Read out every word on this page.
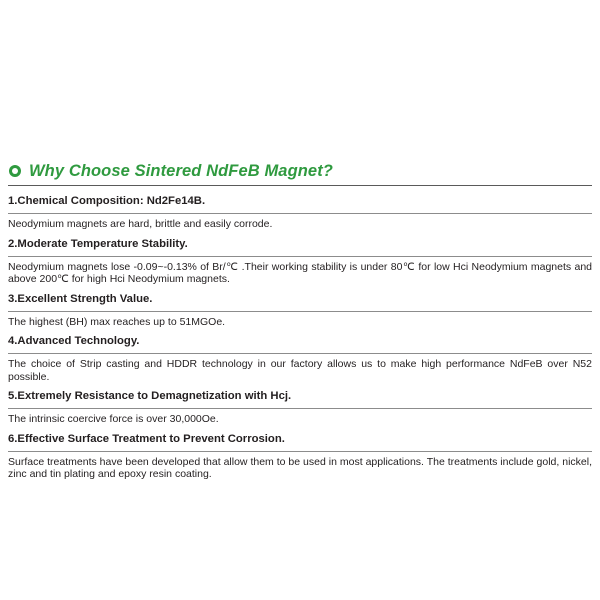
Why Choose Sintered NdFeB Magnet?

1.Chemical Composition: Nd2Fe14B.

Neodymium magnets are hard, brittle and easily corrode.

2.Moderate Temperature Stability.

Neodymium magnets lose -0.09~-0.13% of Br/℃ .Their working stability is under 80℃ for low Hci Neodymium magnets and above 200℃ for high Hci Neodymium magnets.

3.Excellent Strength Value.

The highest (BH) max reaches up to 51MGOe.

4.Advanced Technology.

The choice of Strip casting and HDDR technology in our factory allows us to make high performance NdFeB over N52 possible.

5.Extremely Resistance to Demagnetization with Hcj.

The intrinsic coercive force is over 30,000Oe.

6.Effective Surface Treatment to Prevent Corrosion.

Surface treatments have been developed that allow them to be used in most applications. The treatments include gold, nickel, zinc and tin plating and epoxy resin coating.
